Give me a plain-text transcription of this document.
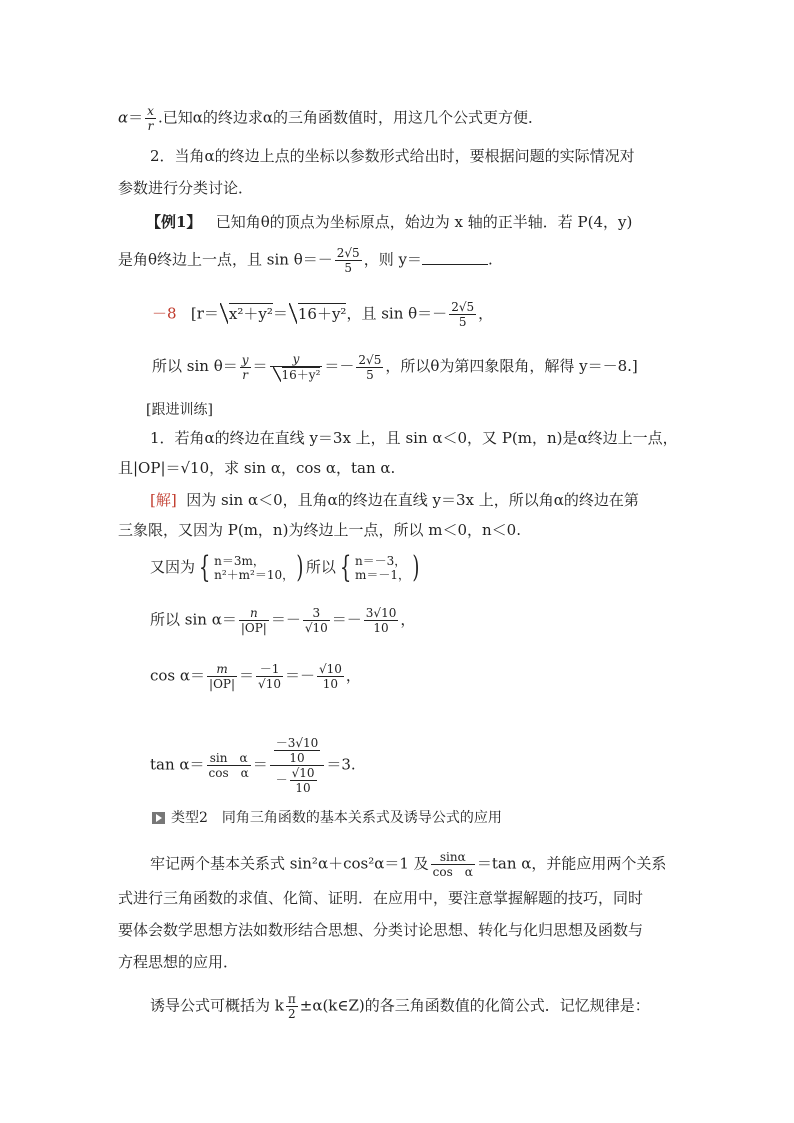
$\alpha= \frac{x}{r}$ .已知α的终边求α的三角函数值时，用这几个公式更方便．
2．当角α的终边上点的坐标以参数形式给出时，要根据问题的实际情况对
参数进行分类讨论．
【例1】 已知角θ的顶点为坐标原点，始边为 x 轴的正半轴．若 P(4，y)
是角θ终边上一点，且 $\sin \theta=- \frac{2√5}{5}$ ，则 y＝	.
－8 [r＝ x²＋y²＝ 16＋y²，且 $\sin \theta=- \frac{2√5}{5}$ ，
所以 $\sin \theta= \frac{y}{r} = \frac{y}{\text{16＋y²}} =- \frac{2√5}{5}$ ，所以θ为第四象限角，解得 y＝－8.]
[跟进训练]
1．若角α的终边在直线 y＝3x 上，且 sin α＜0，又 P(m，n)是α终边上一点，
且|OP|＝√10，求 sin α，cos α，tan α.
[解] 因为 sin α＜0，且角α的终边在直线 y＝3x 上，所以角α的终边在第
三象限，又因为 P(m，n)为终边上一点，所以 m＜0，n＜0.
又因为 { n＝3m，
n²＋m²＝10，) 所以 { n＝－3，
m＝－1，)
所以 $\sin \alpha= \frac{n}{|OP|} =- \frac{3}{√10} =- \frac{3√10}{10}$ ，
$\cos \alpha= \frac{m}{|OP|} = \frac{-1}{√10} =- \frac{√10}{10}$ ，
$\tan \alpha= \frac{\text{sin　α}}{\text{cos　α}} = \frac{\frac{-3√10}{10}}{- \frac{√10}{10}} =3$.
类型2　同角三角函数的基本关系式及诱导公式的应用
牢记两个基本关系式 sin²α＋cos²α＝1 及 $\frac{\sin\alpha}{\text{cos　α}} =\tan$ α，并能应用两个关系
式进行三角函数的求值、化简、证明．在应用中，要注意掌握解题的技巧，同时
要体会数学思想方法如数形结合思想、分类讨论思想、转化与化归思想及函数与
方程思想的应用．
诱导公式可概括为 k $\frac{\pi}{2}$ ±α(k∈Z)的各三角函数值的化简公式．记忆规律是：
